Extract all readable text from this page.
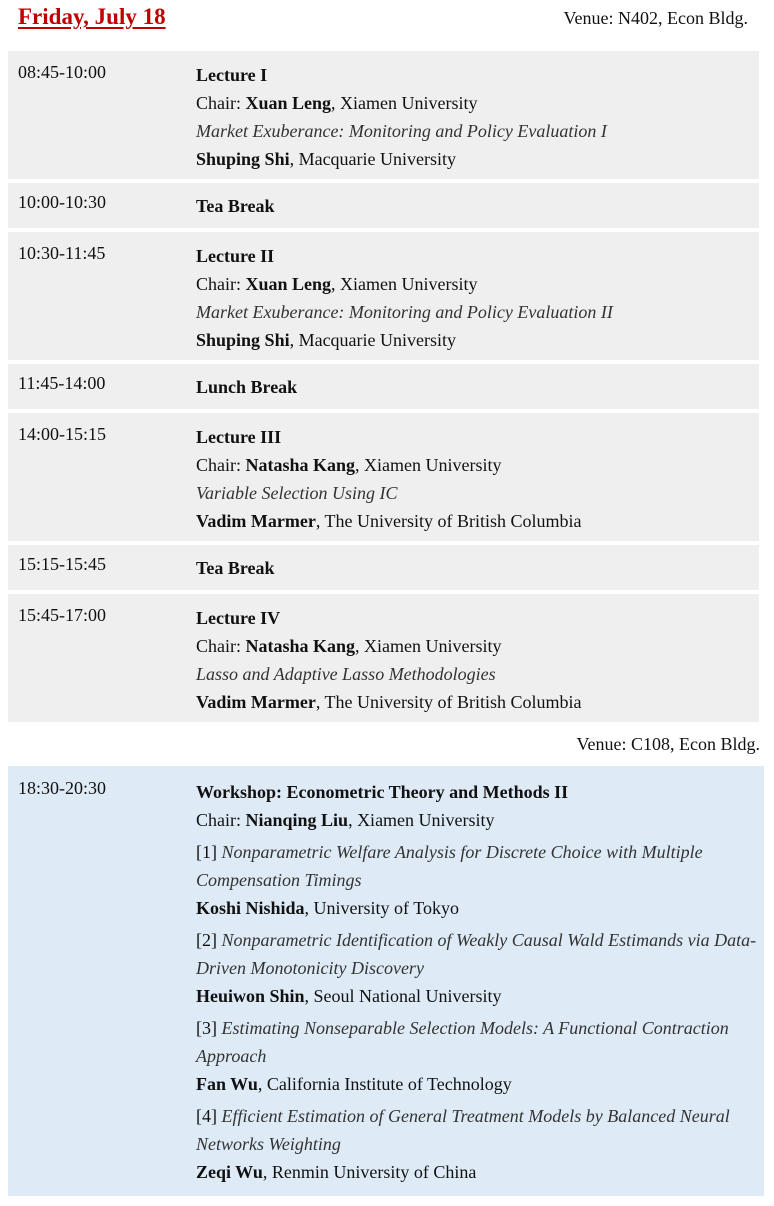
Friday, July 18	Venue: N402, Econ Bldg.
08:45-10:00	Lecture I
Chair: Xuan Leng, Xiamen University
Market Exuberance: Monitoring and Policy Evaluation I
Shuping Shi, Macquarie University
10:00-10:30	Tea Break
10:30-11:45	Lecture II
Chair: Xuan Leng, Xiamen University
Market Exuberance: Monitoring and Policy Evaluation II
Shuping Shi, Macquarie University
11:45-14:00	Lunch Break
14:00-15:15	Lecture III
Chair: Natasha Kang, Xiamen University
Variable Selection Using IC
Vadim Marmer, The University of British Columbia
15:15-15:45	Tea Break
15:45-17:00	Lecture IV
Chair: Natasha Kang, Xiamen University
Lasso and Adaptive Lasso Methodologies
Vadim Marmer, The University of British Columbia
Venue: C108, Econ Bldg.
18:30-20:30	Workshop: Econometric Theory and Methods II
Chair: Nianqing Liu, Xiamen University
[1] Nonparametric Welfare Analysis for Discrete Choice with Multiple Compensation Timings
Koshi Nishida, University of Tokyo
[2] Nonparametric Identification of Weakly Causal Wald Estimands via Data-Driven Monotonicity Discovery
Heuiwon Shin, Seoul National University
[3] Estimating Nonseparable Selection Models: A Functional Contraction Approach
Fan Wu, California Institute of Technology
[4] Efficient Estimation of General Treatment Models by Balanced Neural Networks Weighting
Zeqi Wu, Renmin University of China
